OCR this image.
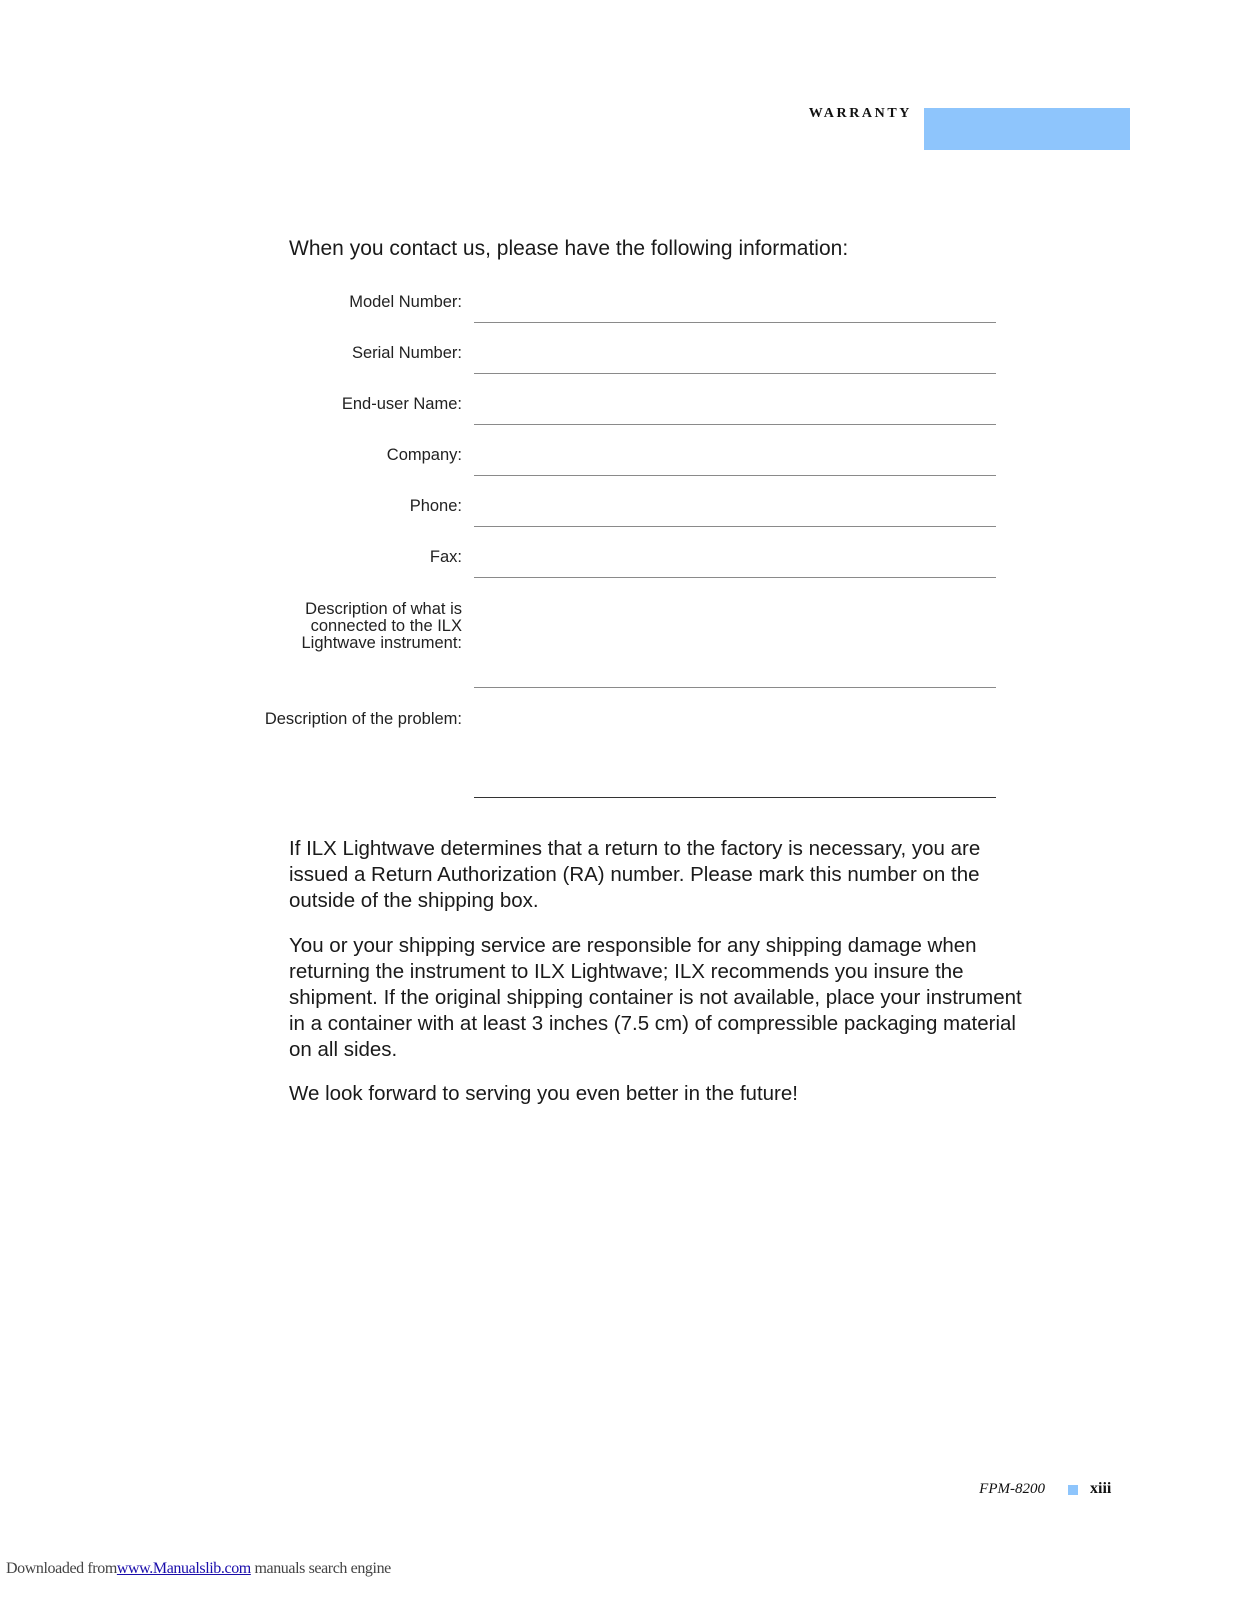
WARRANTY
When you contact us, please have the following information:
Model Number:
Serial Number:
End-user Name:
Company:
Phone:
Fax:
Description of what is
connected to the ILX
Lightwave instrument:
Description of the problem:
If ILX Lightwave determines that a return to the factory is necessary, you are
issued a Return Authorization (RA) number. Please mark this number on the
outside of the shipping box.
You or your shipping service are responsible for any shipping damage when
returning the instrument to ILX Lightwave; ILX recommends you insure the
shipment. If the original shipping container is not available, place your instrument
in a container with at least 3 inches (7.5 cm) of compressible packaging material
on all sides.
We look forward to serving you even better in the future!
FPM-8200	xiii
Downloaded fromwww.Manualslib.com manuals search engine
